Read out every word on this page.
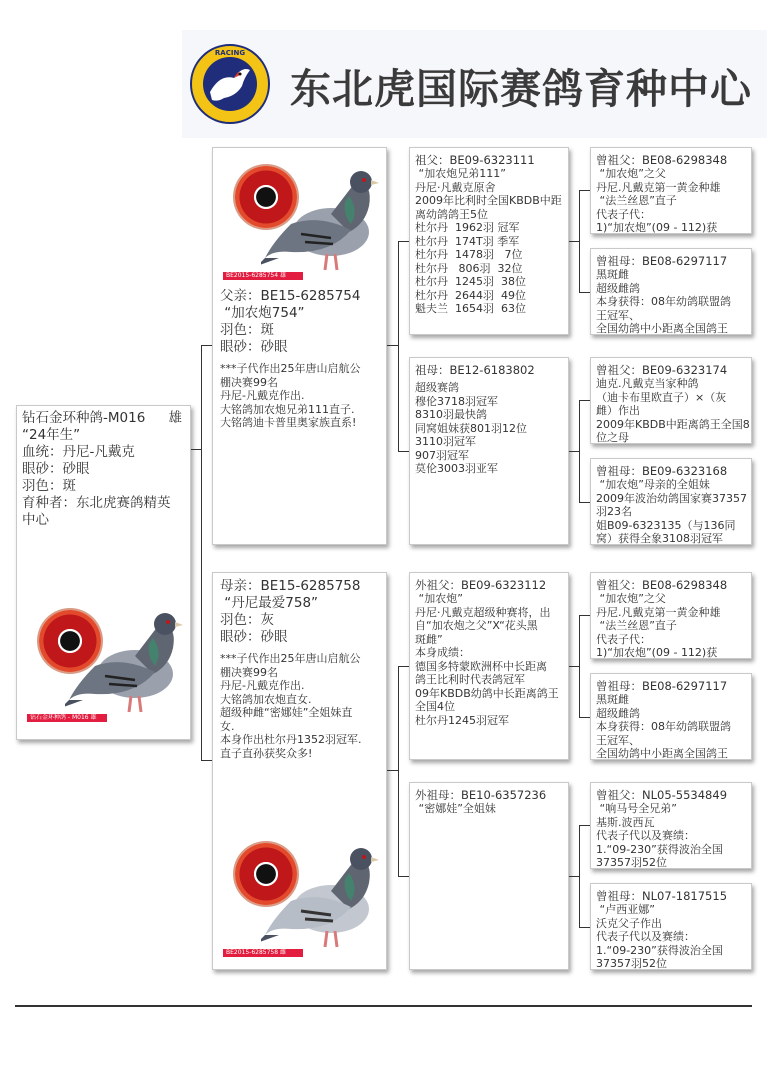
RACING
东北虎国际赛鸽育种中心
钻石金环种鸽-M016 雄
“24年生”
血统：丹尼-凡戴克
眼砂：砂眼
羽色：斑
育种者：东北虎赛鸽精英
中心
钻石金环种鸽 - M016 雄
BE2015-6285754 雄
父亲：BE15-6285754
“加农炮754”
羽色：斑
眼砂：砂眼
***子代作出25年唐山启航公
棚决赛99名
丹尼-凡戴克作出.
大铭鸽加农炮兄弟111直子.
大铭鸽迪卡普里奥家族直系!
母亲：BE15-6285758
“丹尼最爱758”
羽色：灰
眼砂：砂眼
***子代作出25年唐山启航公
棚决赛99名
丹尼-凡戴克作出.
大铭鸽加农炮直女.
超级种雌“密娜娃”全姐妹直
女.
本身作出杜尔丹1352羽冠军.
直子直孙获奖众多!
BE2015-6285758 雌
祖父：BE09-6323111
“加农炮兄弟111”
丹尼·凡戴克原舍
2009年比利时全国KBDB中距
离幼鸽鸽王5位
杜尔丹  1962羽 冠军
杜尔丹  174T羽 季军
杜尔丹  1478羽   7位
杜尔丹   806羽  32位
杜尔丹  1245羽  38位
杜尔丹  2644羽  49位
魁夫兰  1654羽  63位
祖母：BE12-6183802
超级赛鸽
穆伦3718羽冠军
8310羽最快鸽
同窝姐妹获801羽12位
3110羽冠军
907羽冠军
莫伦3003羽亚军
外祖父：BE09-6323112
“加农炮”
丹尼·凡戴克超级种赛将，出
自“加农炮之父”X“花头黑
斑雌”
本身成绩：
德国多特蒙欧洲杯中长距离
鸽王比利时代表鸽冠军
09年KBDB幼鸽中长距离鸽王
全国4位
杜尔丹1245羽冠军
外祖母：BE10-6357236
“密娜娃”全姐妹
曾祖父：BE08-6298348
“加农炮”之父
丹尼.凡戴克第一黄金种雄
“法兰丝恩”直子
代表子代：
1)“加农炮”(09 - 112)获
曾祖母：BE08-6297117
黑斑雌
超级雌鸽
本身获得：08年幼鸽联盟鸽
王冠军、
全国幼鸽中小距离全国鸽王
曾祖父：BE09-6323174
迪克.凡戴克当家种鸽
（迪卡布里欧直子）×（灰
雌）作出
2009年KBDB中距离鸽王全国8
位之母
曾祖母：BE09-6323168
“加农炮”母亲的全姐妹
2009年波治幼鸽国家赛37357
羽23名
姐B09-6323135（与136同
窝）获得全象3108羽冠军
曾祖父：BE08-6298348
“加农炮”之父
丹尼.凡戴克第一黄金种雄
“法兰丝恩”直子
代表子代：
1)“加农炮”(09 - 112)获
曾祖母：BE08-6297117
黑斑雌
超级雌鸽
本身获得：08年幼鸽联盟鸽
王冠军、
全国幼鸽中小距离全国鸽王
曾祖父：NL05-5534849
“响马号全兄弟”
基斯.波西瓦
代表子代以及赛绩：
1.“09-230”获得波治全国
37357羽52位
曾祖母：NL07-1817515
“卢西亚娜”
沃克父子作出
代表子代以及赛绩：
1.“09-230”获得波治全国
37357羽52位
